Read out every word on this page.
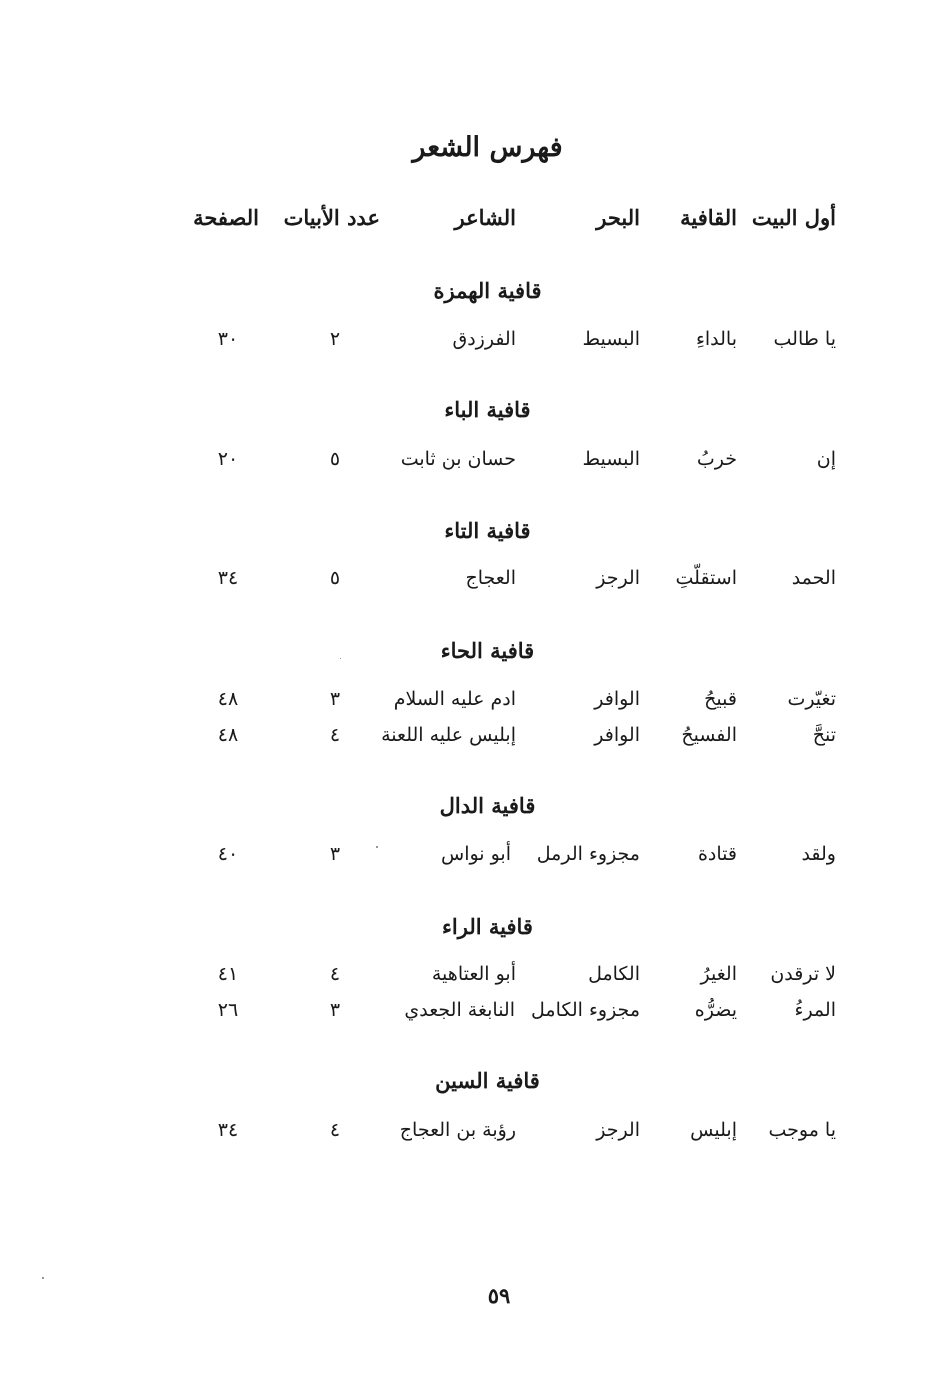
فهرس الشعر
أول البيت
القافية
البحر
الشاعر
عدد الأبيات
الصفحة
قافية الهمزة
يا طالب
بالداءِ
البسيط
الفرزدق
٢
٣٠
قافية الباء
إن
خربُ
البسيط
حسان بن ثابت
٥
٢٠
قافية التاء
الحمد
استقلّتِ
الرجز
العجاج
٥
٣٤
قافية الحاء
تغيّرت
قبيحُ
الوافر
ادم عليه السلام
٣
٤٨
تنحَّ
الفسيحُ
الوافر
إبليس عليه اللعنة
٤
٤٨
قافية الدال
ولقد
قتادة
مجزوء الرمل
أبو نواس
٣
٤٠
قافية الراء
لا ترقدن
الغيرُ
الكامل
أبو العتاهية
٤
٤١
المرءُ
يضرُّه
مجزوء الكامل
النابغة الجعدي
٣
٢٦
قافية السين
يا موجب
إبليس
الرجز
رؤبة بن العجاج
٤
٣٤
٥٩
